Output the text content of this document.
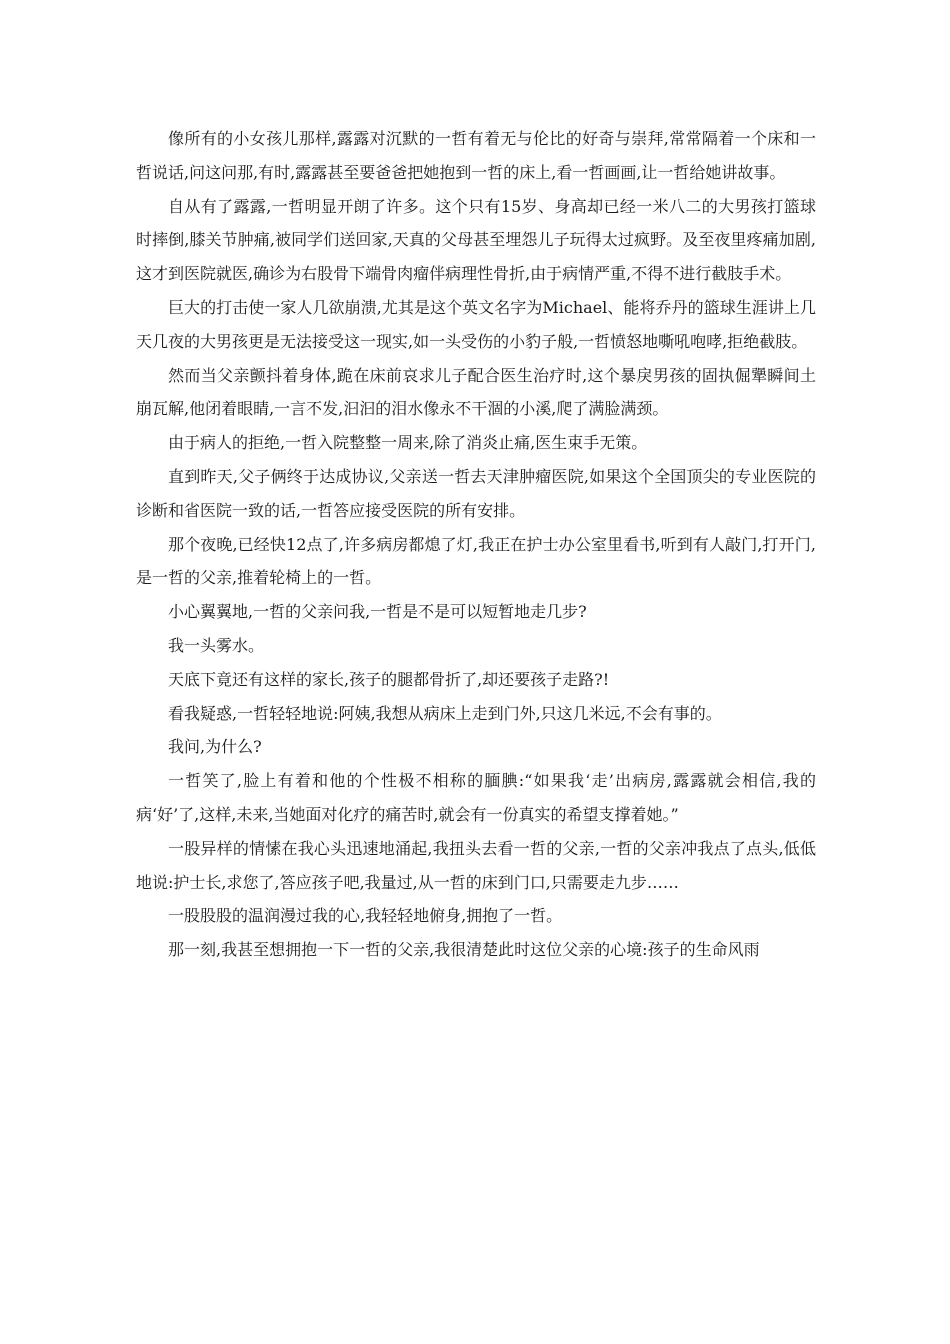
像所有的小女孩儿那样,露露对沉默的一哲有着无与伦比的好奇与崇拜,常常隔着一个床和一哲说话,问这问那,有时,露露甚至要爸爸把她抱到一哲的床上,看一哲画画,让一哲给她讲故事。

自从有了露露,一哲明显开朗了许多。这个只有15岁、身高却已经一米八二的大男孩打篮球时摔倒,膝关节肿痛,被同学们送回家,天真的父母甚至埋怨儿子玩得太过疯野。及至夜里疼痛加剧,这才到医院就医,确诊为右股骨下端骨肉瘤伴病理性骨折,由于病情严重,不得不进行截肢手术。

巨大的打击使一家人几欲崩溃,尤其是这个英文名字为Michael、能将乔丹的篮球生涯讲上几天几夜的大男孩更是无法接受这一现实,如一头受伤的小豹子般,一哲愤怒地嘶吼咆哮,拒绝截肢。

然而当父亲颤抖着身体,跪在床前哀求儿子配合医生治疗时,这个暴戾男孩的固执倔犟瞬间土崩瓦解,他闭着眼睛,一言不发,汩汩的泪水像永不干涸的小溪,爬了满脸满颈。

由于病人的拒绝,一哲入院整整一周来,除了消炎止痛,医生束手无策。

直到昨天,父子俩终于达成协议,父亲送一哲去天津肿瘤医院,如果这个全国顶尖的专业医院的诊断和省医院一致的话,一哲答应接受医院的所有安排。

那个夜晚,已经快12点了,许多病房都熄了灯,我正在护士办公室里看书,听到有人敲门,打开门,是一哲的父亲,推着轮椅上的一哲。

小心翼翼地,一哲的父亲问我,一哲是不是可以短暂地走几步?

我一头雾水。

天底下竟还有这样的家长,孩子的腿都骨折了,却还要孩子走路?!

看我疑惑,一哲轻轻地说:阿姨,我想从病床上走到门外,只这几米远,不会有事的。

我问,为什么?

一哲笑了,脸上有着和他的个性极不相称的腼腆:“如果我‘走’出病房,露露就会相信,我的病‘好’了,这样,未来,当她面对化疗的痛苦时,就会有一份真实的希望支撑着她。”

一股异样的情愫在我心头迅速地涌起,我扭头去看一哲的父亲,一哲的父亲冲我点了点头,低低地说:护士长,求您了,答应孩子吧,我量过,从一哲的床到门口,只需要走九步……

一股股股的温润漫过我的心,我轻轻地俯身,拥抱了一哲。

那一刻,我甚至想拥抱一下一哲的父亲,我很清楚此时这位父亲的心境:孩子的生命风雨
